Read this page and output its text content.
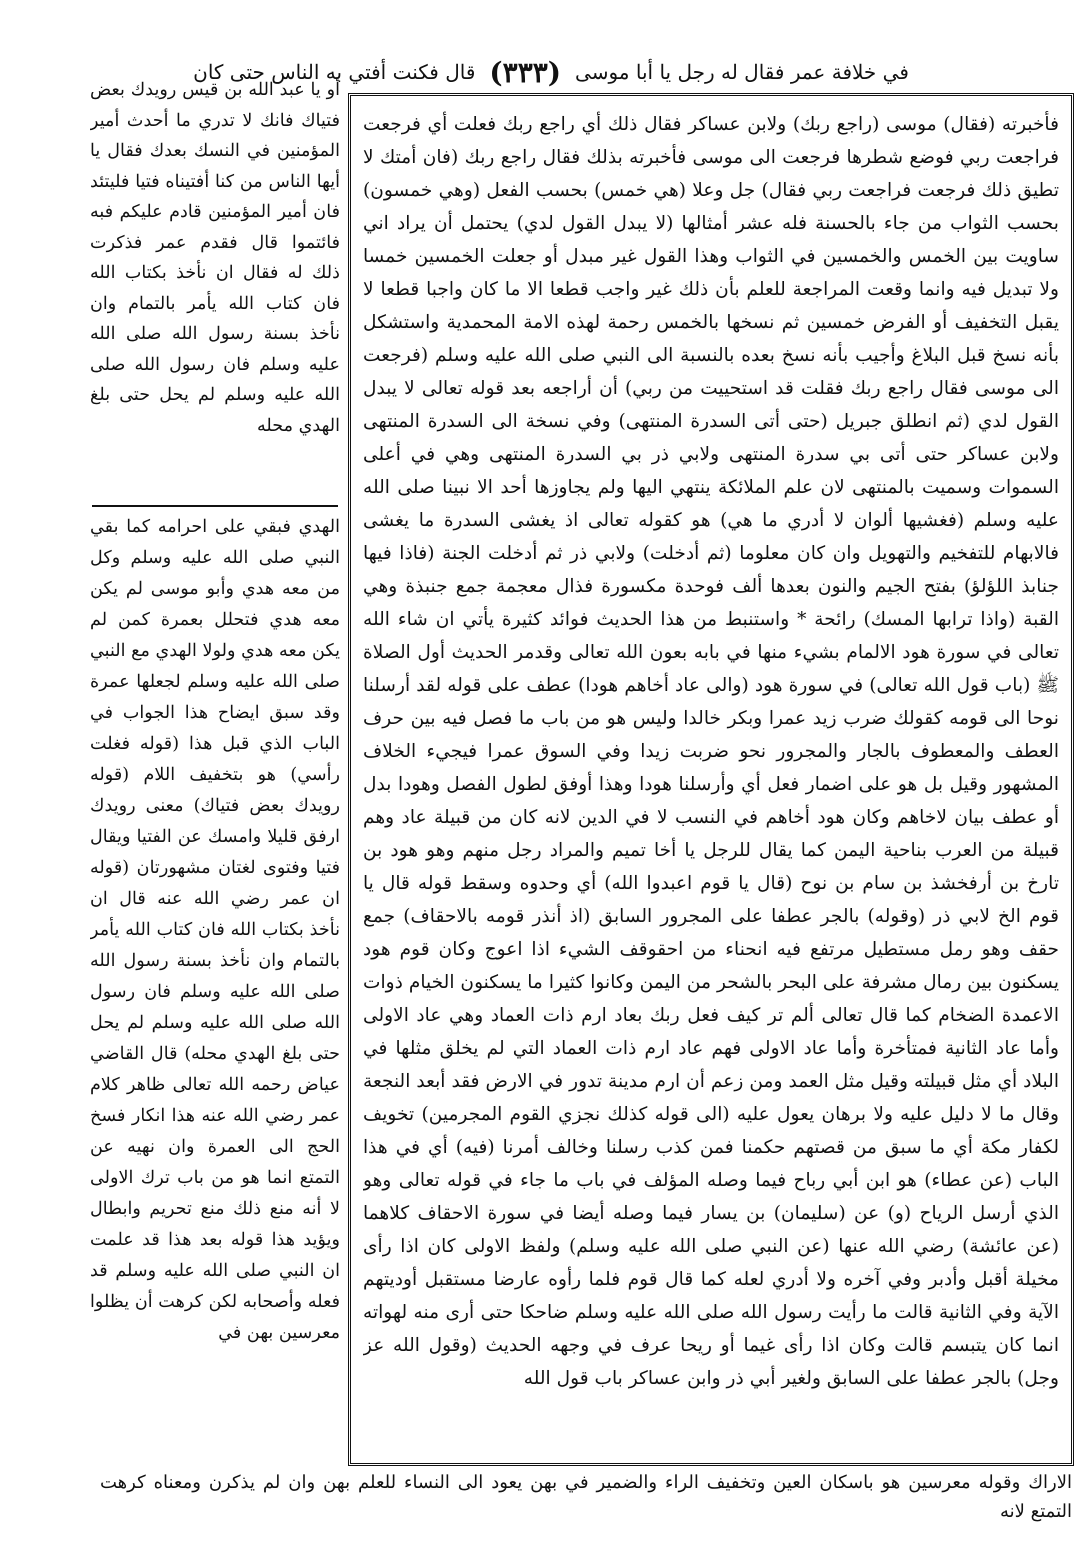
قال فكنت أفتي به الناس حتى كان (٣٣٣) في خلافة عمر فقال له رجل يا أبا موسى

فأخبرته (فقال) موسى (راجع ربك) ولابن عساكر فقال ذلك أي راجع ربك فعلت أي فرجعت فراجعت ربي فوضع شطرها فرجعت الى موسى فأخبرته بذلك فقال راجع ربك (فان أمتك لا تطيق ذلك فرجعت فراجعت ربي فقال) جل وعلا (هي خمس) بحسب الفعل (وهي خمسون) بحسب الثواب من جاء بالحسنة فله عشر أمثالها (لا يبدل القول لدي) يحتمل أن يراد اني ساويت بين الخمس والخمسين في الثواب وهذا القول غير مبدل أو جعلت الخمسين خمسا ولا تبديل فيه وانما وقعت المراجعة للعلم بأن ذلك غير واجب قطعا الا ما كان واجبا قطعا لا يقبل التخفيف أو الفرض خمسين ثم نسخها بالخمس رحمة لهذه الامة المحمدية واستشكل بأنه نسخ قبل البلاغ وأجيب بأنه نسخ بعده بالنسبة الى النبي صلى الله عليه وسلم (فرجعت الى موسى فقال راجع ربك فقلت قد استحييت من ربي) أن أراجعه بعد قوله تعالى لا يبدل القول لدي (ثم انطلق جبريل (حتى أتى السدرة المنتهى) وفي نسخة الى السدرة المنتهى ولابن عساكر حتى أتى بي سدرة المنتهى ولابي ذر بي السدرة المنتهى وهي في أعلى السموات وسميت بالمنتهى لان علم الملائكة ينتهي اليها ولم يجاوزها أحد الا نبينا صلى الله عليه وسلم (فغشيها ألوان لا أدري ما هي) هو كقوله تعالى اذ يغشى السدرة ما يغشى فالابهام للتفخيم والتهويل وان كان معلوما (ثم أدخلت) ولابي ذر ثم أدخلت الجنة (فاذا فيها جنابذ اللؤلؤ) بفتح الجيم والنون بعدها ألف فوحدة مكسورة فذال معجمة جمع جنبذة وهي القبة (واذا ترابها المسك) رائحة * واستنبط من هذا الحديث فوائد كثيرة يأتي ان شاء الله تعالى في سورة هود الالمام بشيء منها في بابه بعون الله تعالى وقدمر الحديث أول الصلاة ﷺ (باب قول الله تعالى) في سورة هود (والى عاد أخاهم هودا) عطف على قوله لقد أرسلنا نوحا الى قومه كقولك ضرب زيد عمرا وبكر خالدا وليس هو من باب ما فصل فيه بين حرف العطف والمعطوف بالجار والمجرور نحو ضربت زيدا وفي السوق عمرا فيجيء الخلاف المشهور وقيل بل هو على اضمار فعل أي وأرسلنا هودا وهذا أوفق لطول الفصل وهودا بدل أو عطف بيان لاخاهم وكان هود أخاهم في النسب لا في الدين لانه كان من قبيلة عاد وهم قبيلة من العرب بناحية اليمن كما يقال للرجل يا أخا تميم والمراد رجل منهم وهو هود بن تارخ بن أرفخشذ بن سام بن نوح (قال يا قوم اعبدوا الله) أي وحدوه وسقط قوله قال يا قوم الخ لابي ذر (وقوله) بالجر عطفا على المجرور السابق (اذ أنذر قومه بالاحقاف) جمع حقف وهو رمل مستطيل مرتفع فيه انحناء من احقوقف الشيء اذا اعوج وكان قوم هود يسكنون بين رمال مشرفة على البحر بالشحر من اليمن وكانوا كثيرا ما يسكنون الخيام ذوات الاعمدة الضخام كما قال تعالى ألم تر كيف فعل ربك بعاد ارم ذات العماد وهي عاد الاولى وأما عاد الثانية فمتأخرة وأما عاد الاولى فهم عاد ارم ذات العماد التي لم يخلق مثلها في البلاد أي مثل قبيلته وقيل مثل العمد ومن زعم أن ارم مدينة تدور في الارض فقد أبعد النجعة وقال ما لا دليل عليه ولا برهان يعول عليه (الى قوله كذلك نجزي القوم المجرمين) تخويف لكفار مكة أي ما سبق من قصتهم حكمنا فمن كذب رسلنا وخالف أمرنا (فيه) أي في هذا الباب (عن عطاء) هو ابن أبي رباح فيما وصله المؤلف في باب ما جاء في قوله تعالى وهو الذي أرسل الرياح (و) عن (سليمان) بن يسار فيما وصله أيضا في سورة الاحقاف كلاهما (عن عائشة) رضي الله عنها (عن النبي صلى الله عليه وسلم) ولفظ الاولى كان اذا رأى مخيلة أقبل وأدبر وفي آخره ولا أدري لعله كما قال قوم فلما رأوه عارضا مستقبل أوديتهم الآية وفي الثانية قالت ما رأيت رسول الله صلى الله عليه وسلم ضاحكا حتى أرى منه لهواته انما كان يتبسم قالت وكان اذا رأى غيما أو ريحا عرف في وجهه الحديث (وقول الله عز وجل) بالجر عطفا على السابق ولغير أبي ذر وابن عساكر باب قول الله

أو يا عبد الله بن قيس رويدك بعض فتياك فانك لا تدري ما أحدث أمير المؤمنين في النسك بعدك فقال يا أيها الناس من كنا أفتيناه فتيا فليتئد فان أمير المؤمنين قادم عليكم فبه فائتموا قال فقدم عمر فذكرت ذلك له فقال ان نأخذ بكتاب الله فان كتاب الله يأمر بالتمام وان نأخذ بسنة رسول الله صلى الله عليه وسلم فان رسول الله صلى الله عليه وسلم لم يحل حتى بلغ الهدي محله

الهدي فبقي على احرامه كما بقي النبي صلى الله عليه وسلم وكل من معه هدي وأبو موسى لم يكن معه هدي فتحلل بعمرة كمن لم يكن معه هدي ولولا الهدي مع النبي صلى الله عليه وسلم لجعلها عمرة وقد سبق ايضاح هذا الجواب في الباب الذي قبل هذا (قوله فغلت رأسي) هو بتخفيف اللام (قوله رويدك بعض فتياك) معنى رويدك ارفق قليلا وامسك عن الفتيا ويقال فتيا وفتوى لغتان مشهورتان (قوله ان عمر رضي الله عنه قال ان نأخذ بكتاب الله فان كتاب الله يأمر بالتمام وان نأخذ بسنة رسول الله صلى الله عليه وسلم فان رسول الله صلى الله عليه وسلم لم يحل حتى بلغ الهدي محله) قال القاضي عياض رحمه الله تعالى ظاهر كلام عمر رضي الله عنه هذا انكار فسخ الحج الى العمرة وان نهيه عن التمتع انما هو من باب ترك الاولى لا أنه منع ذلك منع تحريم وابطال ويؤيد هذا قوله بعد هذا قد علمت ان النبي صلى الله عليه وسلم قد فعله وأصحابه لكن كرهت أن يظلوا معرسين بهن في

الاراك وقوله معرسين هو باسكان العين وتخفيف الراء والضمير في بهن يعود الى النساء للعلم بهن وان لم يذكرن ومعناه كرهت التمتع لانه
